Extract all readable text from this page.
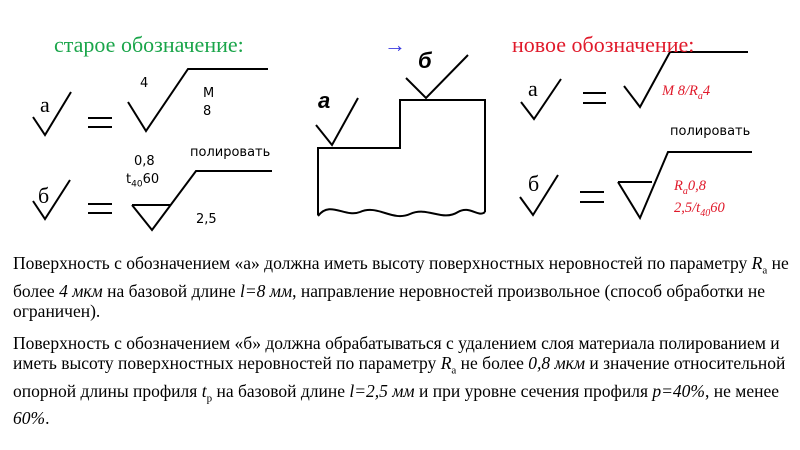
старое обозначение:	→	новое обозначение:
а
4
М
8
б
0,8
$t_{40}60$
полировать
2,5
а
б
а	М $8/R_a4$
полировать
б	$R_a0,8$
$2,5/t_{40}60$
Поверхность с обозначением «а» должна иметь высоту поверхностных неровностей по параметру $R_a$ не более 4 мкм на базовой длине l=8 мм, направление неровностей произвольное (способ обработки не ограничен).
Поверхность с обозначением «б» должна обрабатываться с удалением слоя материала полированием и иметь высоту поверхностных неровностей по параметру $R_a$ не более 0,8 мкм и значение относительной опорной длины профиля $t_p$ на базовой длине l=2,5 мм и при уровне сечения профиля р=40%, не менее 60%.
